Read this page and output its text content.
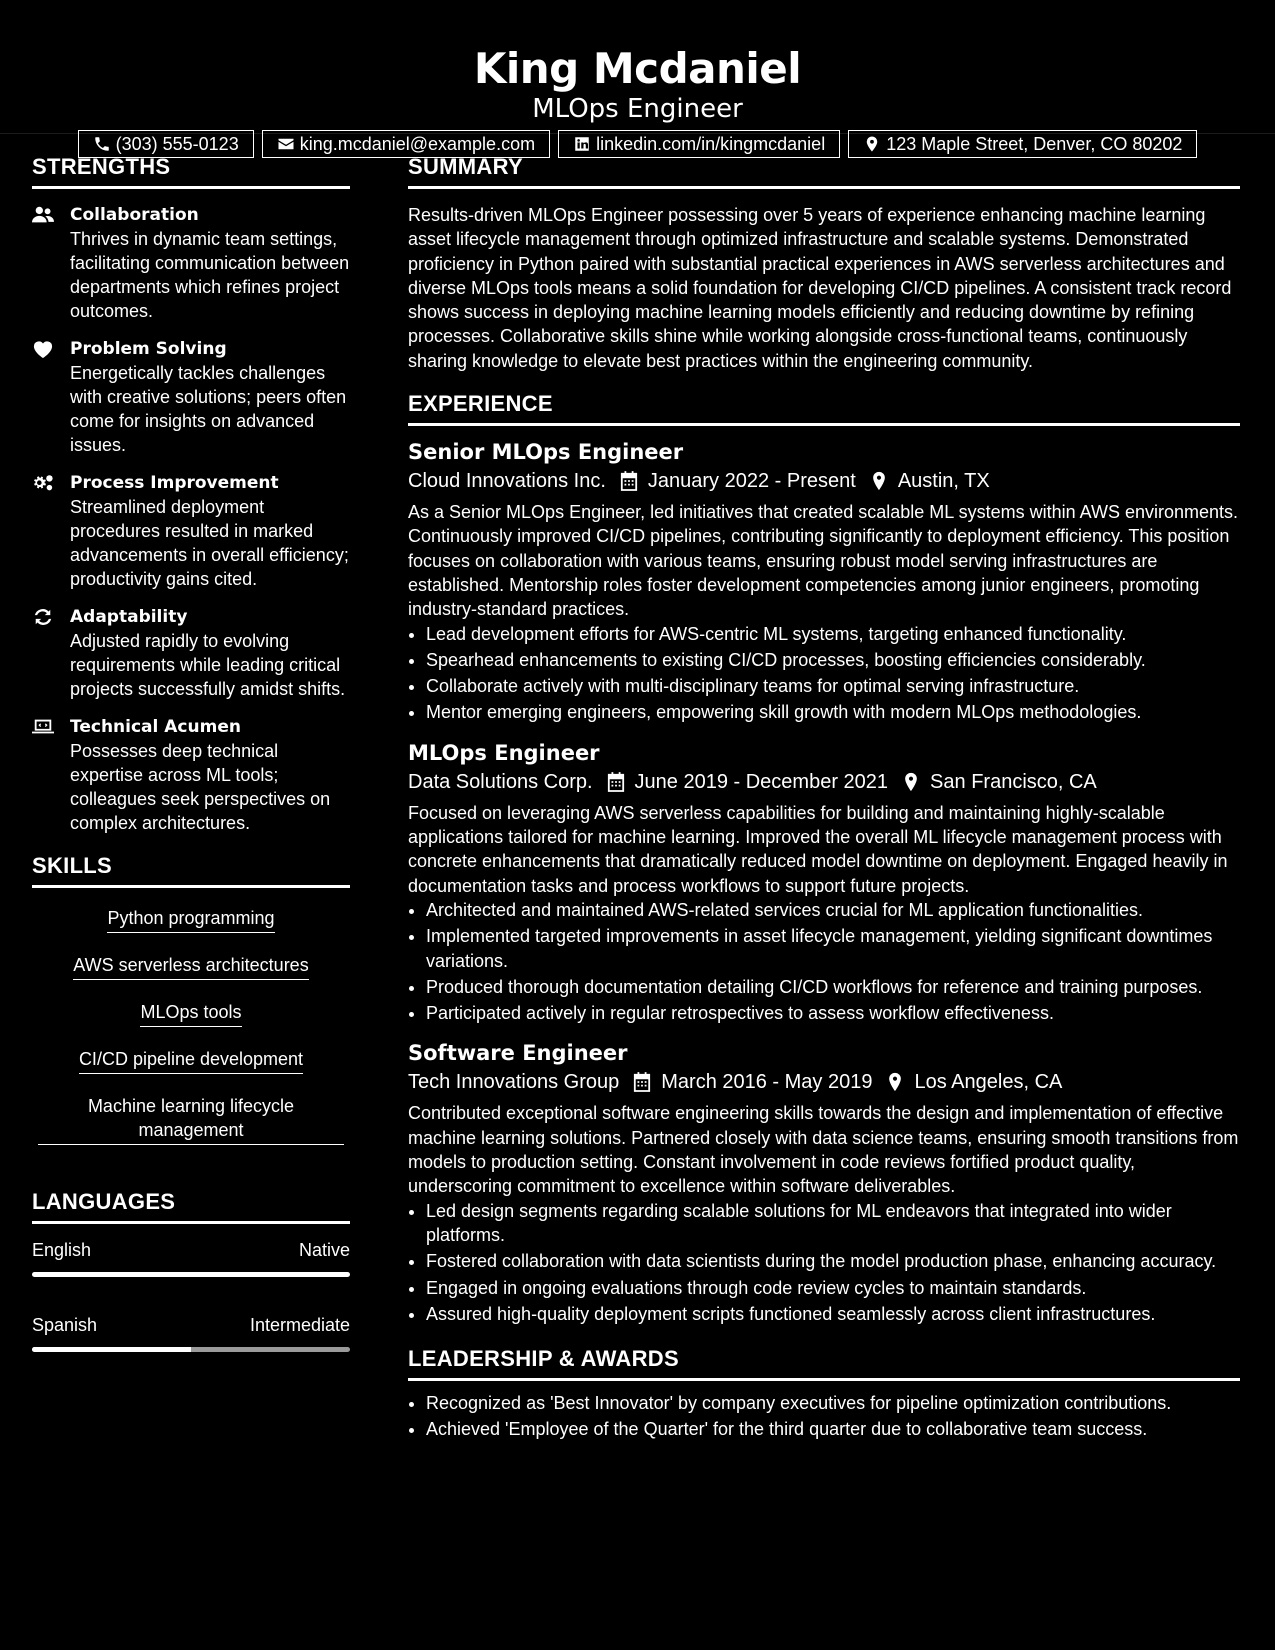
King Mcdaniel
MLOps Engineer
(303) 555-0123	king.mcdaniel@example.com	linkedin.com/in/kingmcdaniel	123 Maple Street, Denver, CO 80202
STRENGTHS
Collaboration
Thrives in dynamic team settings, facilitating communication between departments which refines project outcomes.
Problem Solving
Energetically tackles challenges with creative solutions; peers often come for insights on advanced issues.
Process Improvement
Streamlined deployment procedures resulted in marked advancements in overall efficiency; productivity gains cited.
Adaptability
Adjusted rapidly to evolving requirements while leading critical projects successfully amidst shifts.
Technical Acumen
Possesses deep technical expertise across ML tools; colleagues seek perspectives on complex architectures.
SKILLS
Python programming
AWS serverless architectures
MLOps tools
CI/CD pipeline development
Machine learning lifecycle management
LANGUAGES
English	Native
Spanish	Intermediate
SUMMARY
Results-driven MLOps Engineer possessing over 5 years of experience enhancing machine learning asset lifecycle management through optimized infrastructure and scalable systems. Demonstrated proficiency in Python paired with substantial practical experiences in AWS serverless architectures and diverse MLOps tools means a solid foundation for developing CI/CD pipelines. A consistent track record shows success in deploying machine learning models efficiently and reducing downtime by refining processes. Collaborative skills shine while working alongside cross-functional teams, continuously sharing knowledge to elevate best practices within the engineering community.
EXPERIENCE
Senior MLOps Engineer
Cloud Innovations Inc. January 2022 - Present Austin, TX
As a Senior MLOps Engineer, led initiatives that created scalable ML systems within AWS environments. Continuously improved CI/CD pipelines, contributing significantly to deployment efficiency. This position focuses on collaboration with various teams, ensuring robust model serving infrastructures are established. Mentorship roles foster development competencies among junior engineers, promoting industry-standard practices.
• Lead development efforts for AWS-centric ML systems, targeting enhanced functionality.
• Spearhead enhancements to existing CI/CD processes, boosting efficiencies considerably.
• Collaborate actively with multi-disciplinary teams for optimal serving infrastructure.
• Mentor emerging engineers, empowering skill growth with modern MLOps methodologies.
MLOps Engineer
Data Solutions Corp. June 2019 - December 2021 San Francisco, CA
Focused on leveraging AWS serverless capabilities for building and maintaining highly-scalable applications tailored for machine learning. Improved the overall ML lifecycle management process with concrete enhancements that dramatically reduced model downtime on deployment. Engaged heavily in documentation tasks and process workflows to support future projects.
• Architected and maintained AWS-related services crucial for ML application functionalities.
• Implemented targeted improvements in asset lifecycle management, yielding significant downtimes variations.
• Produced thorough documentation detailing CI/CD workflows for reference and training purposes.
• Participated actively in regular retrospectives to assess workflow effectiveness.
Software Engineer
Tech Innovations Group March 2016 - May 2019 Los Angeles, CA
Contributed exceptional software engineering skills towards the design and implementation of effective machine learning solutions. Partnered closely with data science teams, ensuring smooth transitions from models to production setting. Constant involvement in code reviews fortified product quality, underscoring commitment to excellence within software deliverables.
• Led design segments regarding scalable solutions for ML endeavors that integrated into wider platforms.
• Fostered collaboration with data scientists during the model production phase, enhancing accuracy.
• Engaged in ongoing evaluations through code review cycles to maintain standards.
• Assured high-quality deployment scripts functioned seamlessly across client infrastructures.
LEADERSHIP & AWARDS
• Recognized as 'Best Innovator' by company executives for pipeline optimization contributions.
• Achieved 'Employee of the Quarter' for the third quarter due to collaborative team success.
